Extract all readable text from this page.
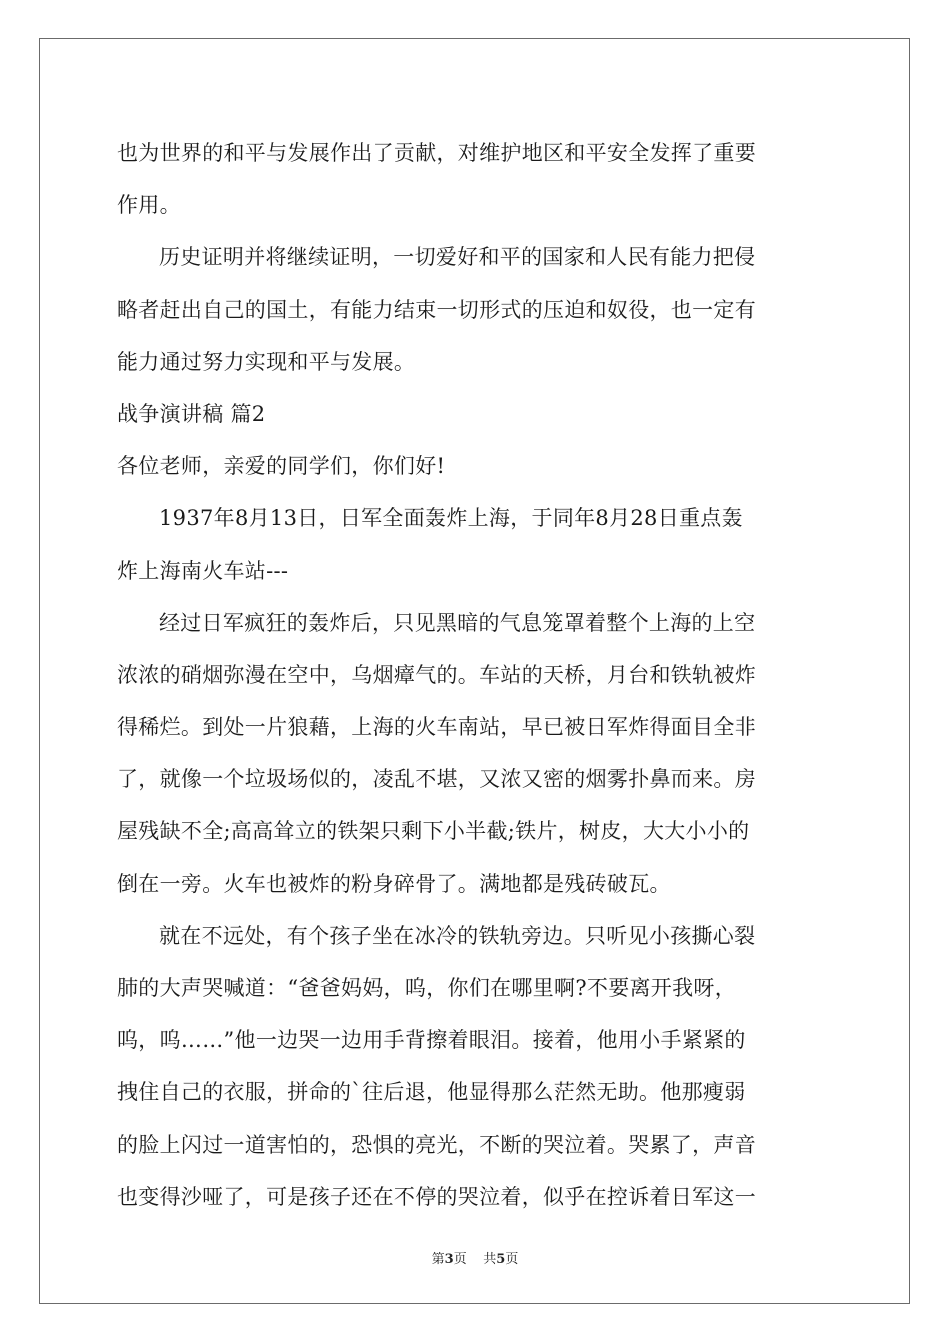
也为世界的和平与发展作出了贡献，对维护地区和平安全发挥了重要
作用。
历史证明并将继续证明，一切爱好和平的国家和人民有能力把侵
略者赶出自己的国土，有能力结束一切形式的压迫和奴役，也一定有
能力通过努力实现和平与发展。
战争演讲稿 篇2
各位老师，亲爱的同学们，你们好!
1937年8月13日，日军全面轰炸上海，于同年8月28日重点轰
炸上海南火车站---
经过日军疯狂的轰炸后，只见黑暗的气息笼罩着整个上海的上空
浓浓的硝烟弥漫在空中，乌烟瘴气的。车站的天桥，月台和铁轨被炸
得稀烂。到处一片狼藉，上海的火车南站，早已被日军炸得面目全非
了，就像一个垃圾场似的，凌乱不堪，又浓又密的烟雾扑鼻而来。房
屋残缺不全;高高耸立的铁架只剩下小半截;铁片，树皮，大大小小的
倒在一旁。火车也被炸的粉身碎骨了。满地都是残砖破瓦。
就在不远处，有个孩子坐在冰冷的铁轨旁边。只听见小孩撕心裂
肺的大声哭喊道：“爸爸妈妈，呜，你们在哪里啊?不要离开我呀，
呜，呜……”他一边哭一边用手背擦着眼泪。接着，他用小手紧紧的
拽住自己的衣服，拼命的`往后退，他显得那么茫然无助。他那瘦弱
的脸上闪过一道害怕的，恐惧的亮光，不断的哭泣着。哭累了，声音
也变得沙哑了，可是孩子还在不停的哭泣着，似乎在控诉着日军这一
第3页 共5页
